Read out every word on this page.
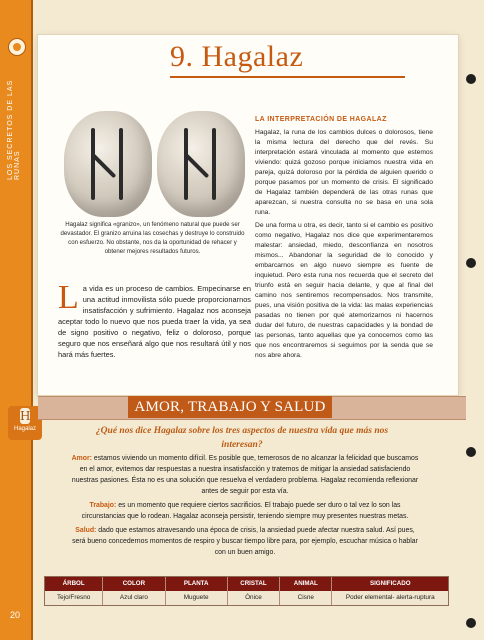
LOS SECRETOS DE LAS RUNAS
H
Hagalaz
20
9. Hagalaz
Hagalaz significa «granizo», un fenómeno natural que puede ser devastador. El granizo arruina las cosechas y destruye lo construido con esfuerzo. No obstante, nos da la oportunidad de rehacer y obtener mejores resultados futuros.
L a vida es un proceso de cambios. Empecinarse en una actitud inmovilista sólo puede proporcionarnos insatisfacción y sufrimiento. Hagalaz nos aconseja aceptar todo lo nuevo que nos pueda traer la vida, ya sea de signo positivo o negativo, feliz o doloroso, porque seguro que nos enseñará algo que nos resultará útil y nos hará más fuertes.
LA INTERPRETACIÓN DE HAGALAZ

Hagalaz, la runa de los cambios dulces o dolorosos, tiene la misma lectura del derecho que del revés. Su interpretación estará vinculada al momento que estemos viviendo: quizá gozoso porque iniciamos nuestra vida en pareja, quizá doloroso por la pérdida de alguien querido o porque pasamos por un momento de crisis. El significado de Hagalaz también dependerá de las otras runas que aparezcan, si nuestra consulta no se basa en una sola runa.

De una forma u otra, es decir, tanto si el cambio es positivo como negativo, Hagalaz nos dice que experimentaremos malestar: ansiedad, miedo, desconfianza en nosotros mismos... Abandonar la seguridad de lo conocido y embarcarnos en algo nuevo siempre es fuente de inquietud. Pero esta runa nos recuerda que el secreto del triunfo está en seguir hacia delante, y que al final del camino nos sentiremos recompensados. Nos transmite, pues, una visión positiva de la vida: las malas experiencias pasadas no tienen por qué atemorizarnos ni hacernos dudar del futuro, de nuestras capacidades y la bondad de las personas, tanto aquellas que ya conocemos como las que nos encontraremos si seguimos por la senda que se nos abre ahora.

AMOR, TRABAJO Y SALUD
¿Qué nos dice Hagalaz sobre los tres aspectos de nuestra vida que más nos interesan?

Amor: estamos viviendo un momento difícil. Es posible que, temerosos de no alcanzar la felicidad que buscamos en el amor, evitemos dar respuestas a nuestra insatisfacción y tratemos de mitigar la ansiedad satisfaciendo nuestras pasiones. Ésta no es una solución que resuelva el verdadero problema. Hagalaz recomienda reflexionar antes de seguir por esta vía.

Trabajo: es un momento que requiere ciertos sacrificios. El trabajo puede ser duro o tal vez lo son las circunstancias que lo rodean. Hagalaz aconseja persistir, teniendo siempre muy presentes nuestras metas.

Salud: dado que estamos atravesando una época de crisis, la ansiedad puede afectar nuestra salud. Así pues, será bueno concedernos momentos de respiro y buscar tiempo libre para, por ejemplo, escuchar música o hablar con un buen amigo.

ÁRBOL	COLOR	PLANTA	CRISTAL	ANIMAL	SIGNIFICADO
Tejo/Fresno	Azul claro	Muguete	Ónice	Cisne	Poder elemental- alerta-ruptura
